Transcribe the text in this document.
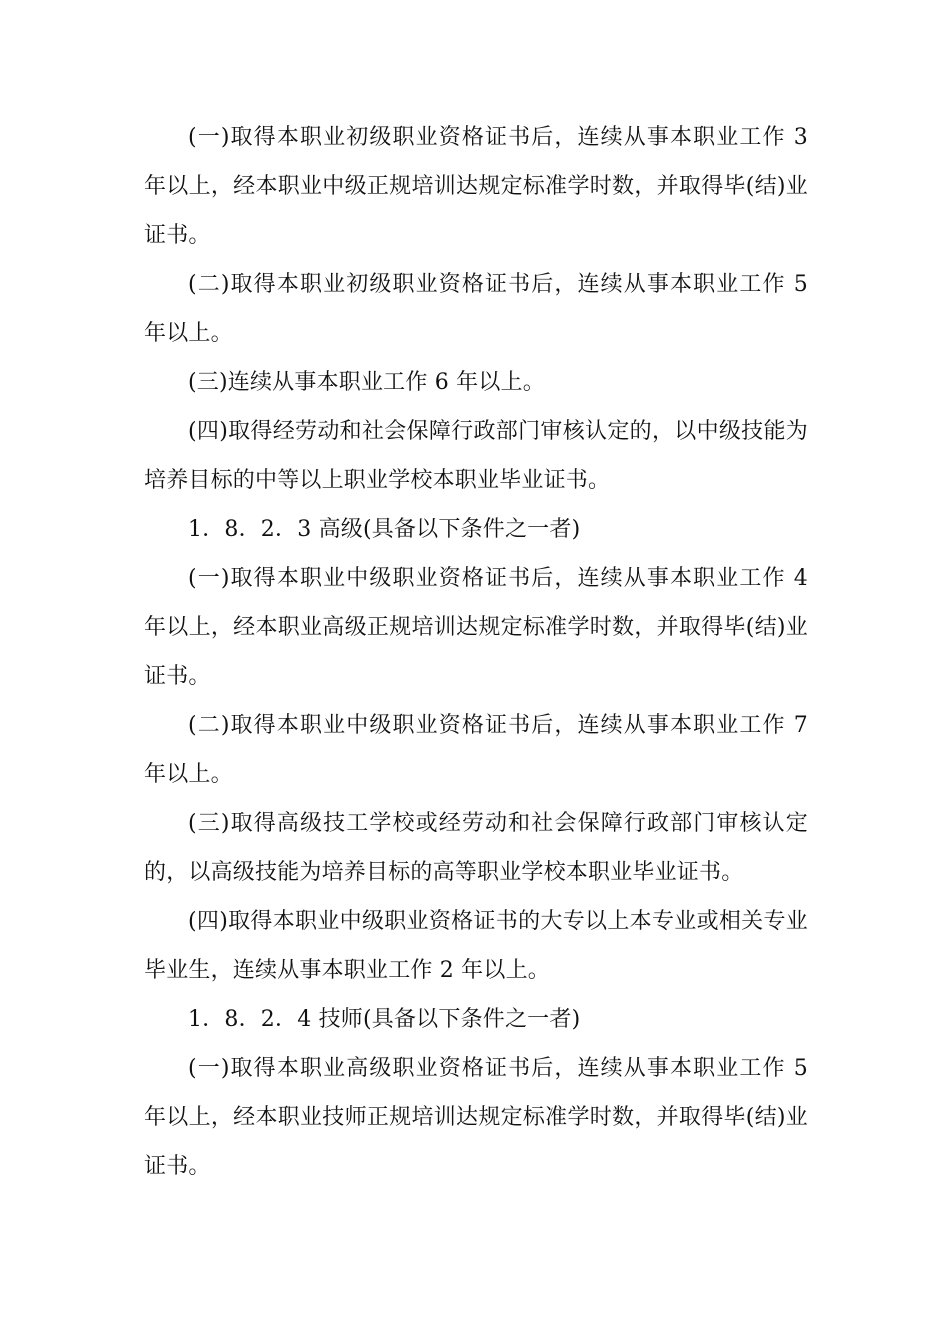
(一)取得本职业初级职业资格证书后，连续从事本职业工作 3 年以上，经本职业中级正规培训达规定标准学时数，并取得毕(结)业证书。

(二)取得本职业初级职业资格证书后，连续从事本职业工作 5 年以上。

(三)连续从事本职业工作 6 年以上。

(四)取得经劳动和社会保障行政部门审核认定的，以中级技能为培养目标的中等以上职业学校本职业毕业证书。

1．8．2．3 高级(具备以下条件之一者)

(一)取得本职业中级职业资格证书后，连续从事本职业工作 4 年以上，经本职业高级正规培训达规定标准学时数，并取得毕(结)业证书。

(二)取得本职业中级职业资格证书后，连续从事本职业工作 7 年以上。

(三)取得高级技工学校或经劳动和社会保障行政部门审核认定的，以高级技能为培养目标的高等职业学校本职业毕业证书。

(四)取得本职业中级职业资格证书的大专以上本专业或相关专业毕业生，连续从事本职业工作 2 年以上。

1．8．2．4 技师(具备以下条件之一者)

(一)取得本职业高级职业资格证书后，连续从事本职业工作 5 年以上，经本职业技师正规培训达规定标准学时数，并取得毕(结)业证书。
